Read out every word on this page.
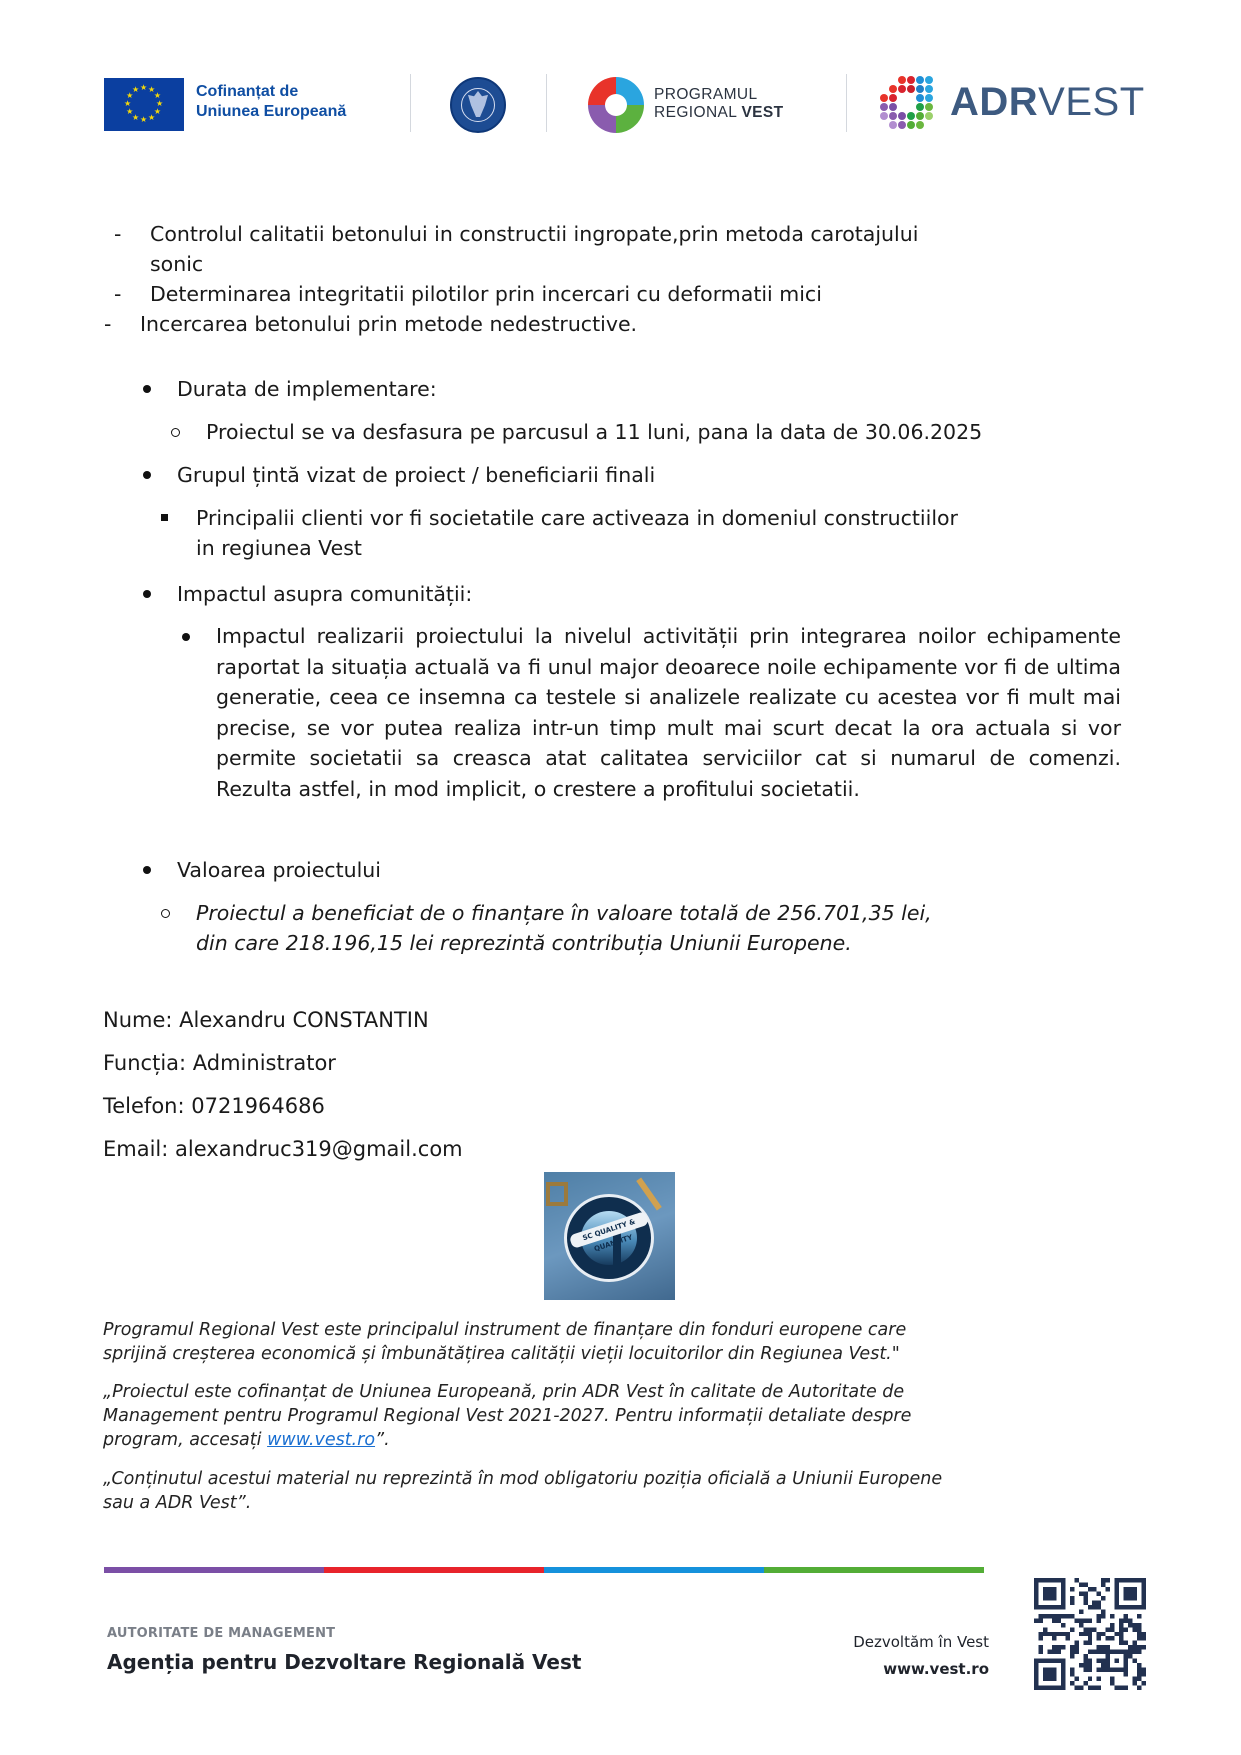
★
★
★
★
★
★
★
★
★ ★ ★
★ Cofinanțat de
Uniunea Europeană
PROGRAMUL
REGIONAL VEST	ADRVEST
- Controlul calitatii betonului in constructii ingropate,prin metoda carotajului
sonic
- Determinarea integritatii pilotilor prin incercari cu deformatii mici
- Incercarea betonului prin metode nedestructive.
Durata de implementare:
Proiectul se va desfasura pe parcusul a 11 luni, pana la data de 30.06.2025
Grupul țintă vizat de proiect / beneficiarii finali
Principalii clienti vor fi societatile care activeaza in domeniul constructiilor
in regiunea Vest
Impactul asupra comunității:
Impactul realizarii proiectului la nivelul activității prin integrarea noilor echipamente raportat la situația actuală va fi unul major deoarece noile echipamente vor fi de ultima generatie, ceea ce insemna ca testele si analizele realizate cu acestea vor fi mult mai precise, se vor putea realiza intr-un timp mult mai scurt decat la ora actuala si vor permite societatii sa creasca atat calitatea serviciilor cat si numarul de comenzi. Rezulta astfel, in mod implicit, o crestere a profitului societatii.
Valoarea proiectului
Proiectul a beneficiat de o finanțare în valoare totală de 256.701,35 lei,
din care 218.196,15 lei reprezintă contribuția Uniunii Europene.
Nume: Alexandru CONSTANTIN
Funcția: Administrator
Telefon: 0721964686
Email: alexandruc319@gmail.com
SC QUALITY & QUANTITY
Programul Regional Vest este principalul instrument de finanțare din fonduri europene care
sprijină creșterea economică și îmbunătățirea calității vieții locuitorilor din Regiunea Vest."
„Proiectul este cofinanțat de Uniunea Europeană, prin ADR Vest în calitate de Autoritate de
Management pentru Programul Regional Vest 2021-2027. Pentru informații detaliate despre
program, accesați www.vest.ro”.
„Conținutul acestui material nu reprezintă în mod obligatoriu poziția oficială a Uniunii Europene
sau a ADR Vest”.
AUTORITATE DE MANAGEMENT
Agenția pentru Dezvoltare Regională Vest
Dezvoltăm în Vest
www.vest.ro
